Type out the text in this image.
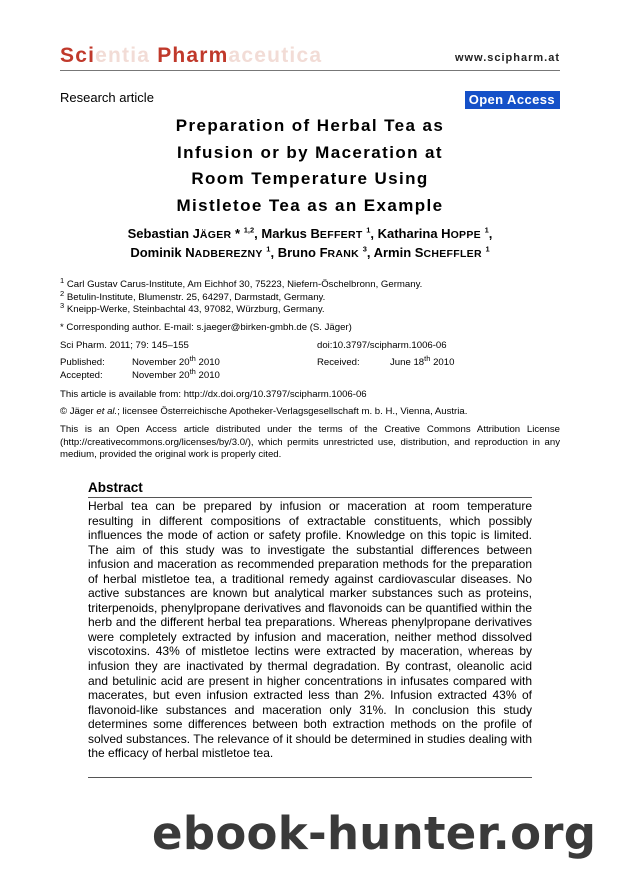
Scientia Pharmaceutica	www.scipharm.at
Research article	Open Access
Preparation of Herbal Tea as
Infusion or by Maceration at
Room Temperature Using
Mistletoe Tea as an Example
Sebastian JÄGER * $^{1,2}$, Markus BEFFERT $^1$, Katharina HOPPE $^1$,
Dominik NADBEREZNY $^1$, Bruno FRANK $^3$, Armin SCHEFFLER $^1$
$^1$ Carl Gustav Carus-Institute, Am Eichhof 30, 75223, Niefern-Öschelbronn, Germany.
$^2$ Betulin-Institute, Blumenstr. 25, 64297, Darmstadt, Germany.
$^3$ Kneipp-Werke, Steinbachtal 43, 97082, Würzburg, Germany.
* Corresponding author. E-mail: s.jaeger@birken-gmbh.de (S. Jäger)
Sci Pharm. 2011; 79: 145–155	doi:10.3797/scipharm.1006-06
Published:	November 20th 2010	Received:	June 18th 2010
Accepted:	November 20th 2010
This article is available from: http://dx.doi.org/10.3797/scipharm.1006-06
© Jäger et al.; licensee Österreichische Apotheker-Verlagsgesellschaft m. b. H., Vienna, Austria.
This is an Open Access article distributed under the terms of the Creative Commons Attribution License (http://creativecommons.org/licenses/by/3.0/), which permits unrestricted use, distribution, and reproduction in any medium, provided the original work is properly cited.
Abstract
Herbal tea can be prepared by infusion or maceration at room temperature resulting in different compositions of extractable constituents, which possibly influences the mode of action or safety profile. Knowledge on this topic is limited. The aim of this study was to investigate the substantial differences between infusion and maceration as recommended preparation methods for the preparation of herbal mistletoe tea, a traditional remedy against cardiovascular diseases. No active substances are known but analytical marker substances such as proteins, triterpenoids, phenylpropane derivatives and flavonoids can be quantified within the herb and the different herbal tea preparations. Whereas phenylpropane derivatives were completely extracted by infusion and maceration, neither method dissolved viscotoxins. 43% of mistletoe lectins were extracted by maceration, whereas by infusion they are inactivated by thermal degradation. By contrast, oleanolic acid and betulinic acid are present in higher concentrations in infusates compared with macerates, but even infusion extracted less than 2%. Infusion extracted 43% of flavonoid-like substances and maceration only 31%. In conclusion this study determines some differences between both extraction methods on the profile of solved substances. The relevance of it should be determined in studies dealing with the efficacy of herbal mistletoe tea.
ebook-hunter.org
